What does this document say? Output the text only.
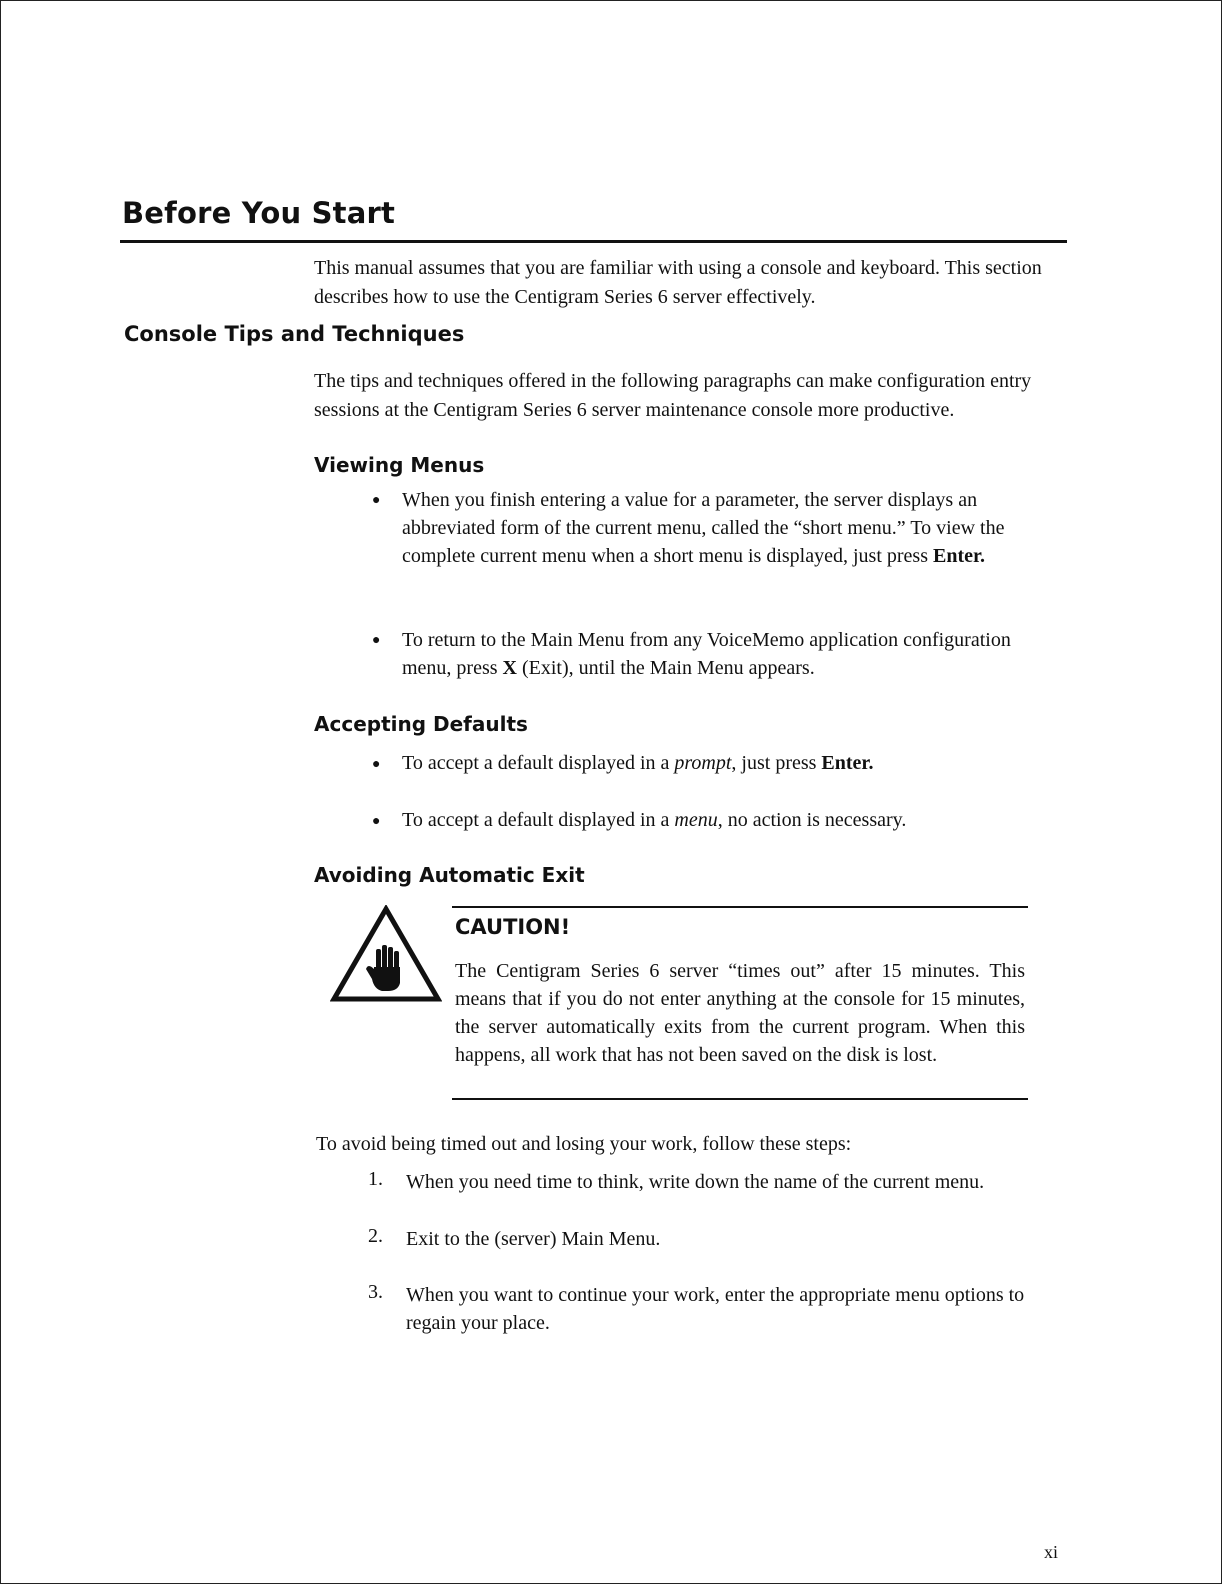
Before You Start

This manual assumes that you are familiar with using a console and keyboard. This section describes how to use the Centigram Series 6 server effectively.

Console Tips and Techniques

The tips and techniques offered in the following paragraphs can make configuration entry sessions at the Centigram Series 6 server maintenance console more productive.

Viewing Menus
● When you finish entering a value for a parameter, the server displays an abbreviated form of the current menu, called the “short menu.” To view the complete current menu when a short menu is displayed, just press Enter.

● To return to the Main Menu from any VoiceMemo application configuration menu, press X (Exit), until the Main Menu appears.

Accepting Defaults
● To accept a default displayed in a prompt, just press Enter.

● To accept a default displayed in a menu, no action is necessary.

Avoiding Automatic Exit
CAUTION!

The Centigram Series 6 server “times out” after 15 minutes. This means that if you do not enter anything at the console for 15 minutes, the server automatically exits from the current program. When this happens, all work that has not been saved on the disk is lost.

To avoid being timed out and losing your work, follow these steps:

1. When you need time to think, write down the name of the current menu.

2. Exit to the (server) Main Menu.

3. When you want to continue your work, enter the appropriate menu options to regain your place.

xi
